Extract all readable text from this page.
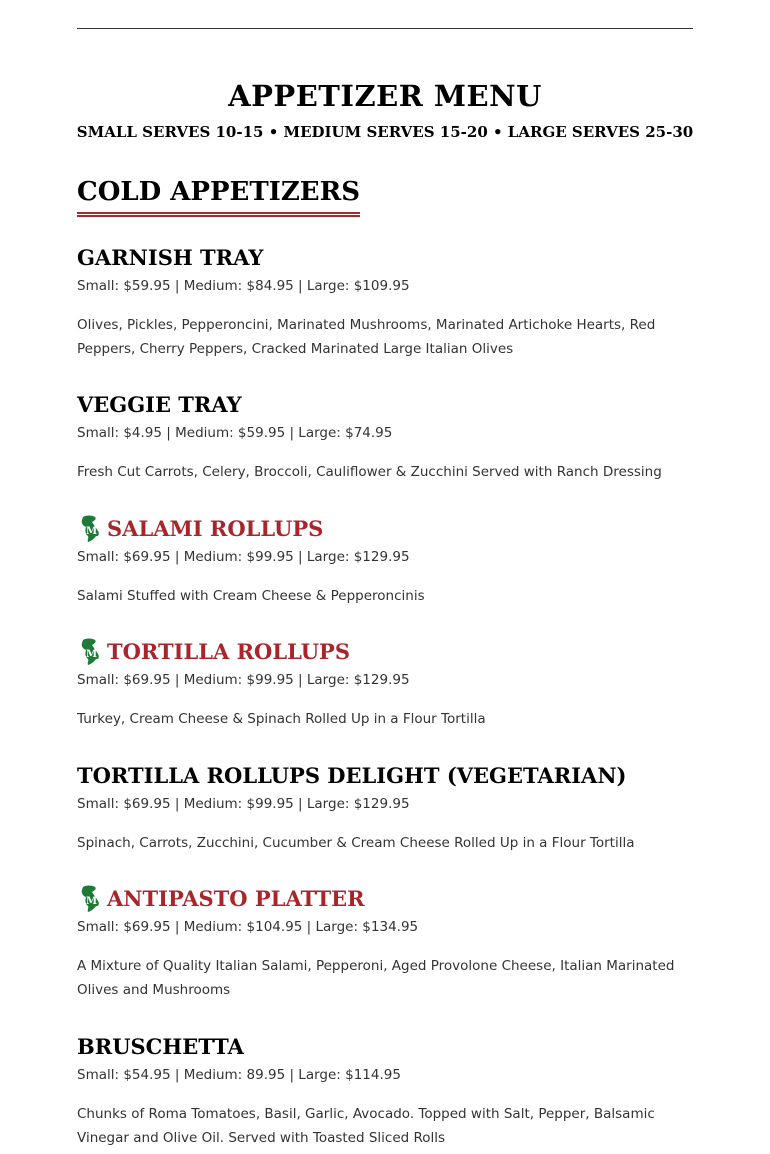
APPETIZER MENU
SMALL SERVES 10-15 • MEDIUM SERVES 15-20 • LARGE SERVES 25-30
COLD APPETIZERS
GARNISH TRAY
Small: $59.95 | Medium: $84.95 | Large: $109.95
Olives, Pickles, Pepperoncini, Marinated Mushrooms, Marinated Artichoke Hearts, Red Peppers, Cherry Peppers, Cracked Marinated Large Italian Olives
VEGGIE TRAY
Small: $4.95 | Medium: $59.95 | Large: $74.95
Fresh Cut Carrots, Celery, Broccoli, Cauliflower & Zucchini Served with Ranch Dressing
M SALAMI ROLLUPS
Small: $69.95 | Medium: $99.95 | Large: $129.95
Salami Stuffed with Cream Cheese & Pepperoncinis
M TORTILLA ROLLUPS
Small: $69.95 | Medium: $99.95 | Large: $129.95
Turkey, Cream Cheese & Spinach Rolled Up in a Flour Tortilla
TORTILLA ROLLUPS DELIGHT (VEGETARIAN)
Small: $69.95 | Medium: $99.95 | Large: $129.95
Spinach, Carrots, Zucchini, Cucumber & Cream Cheese Rolled Up in a Flour Tortilla
M ANTIPASTO PLATTER
Small: $69.95 | Medium: $104.95 | Large: $134.95
A Mixture of Quality Italian Salami, Pepperoni, Aged Provolone Cheese, Italian Marinated Olives and Mushrooms
BRUSCHETTA
Small: $54.95 | Medium: 89.95 | Large: $114.95
Chunks of Roma Tomatoes, Basil, Garlic, Avocado. Topped with Salt, Pepper, Balsamic Vinegar and Olive Oil. Served with Toasted Sliced Rolls
